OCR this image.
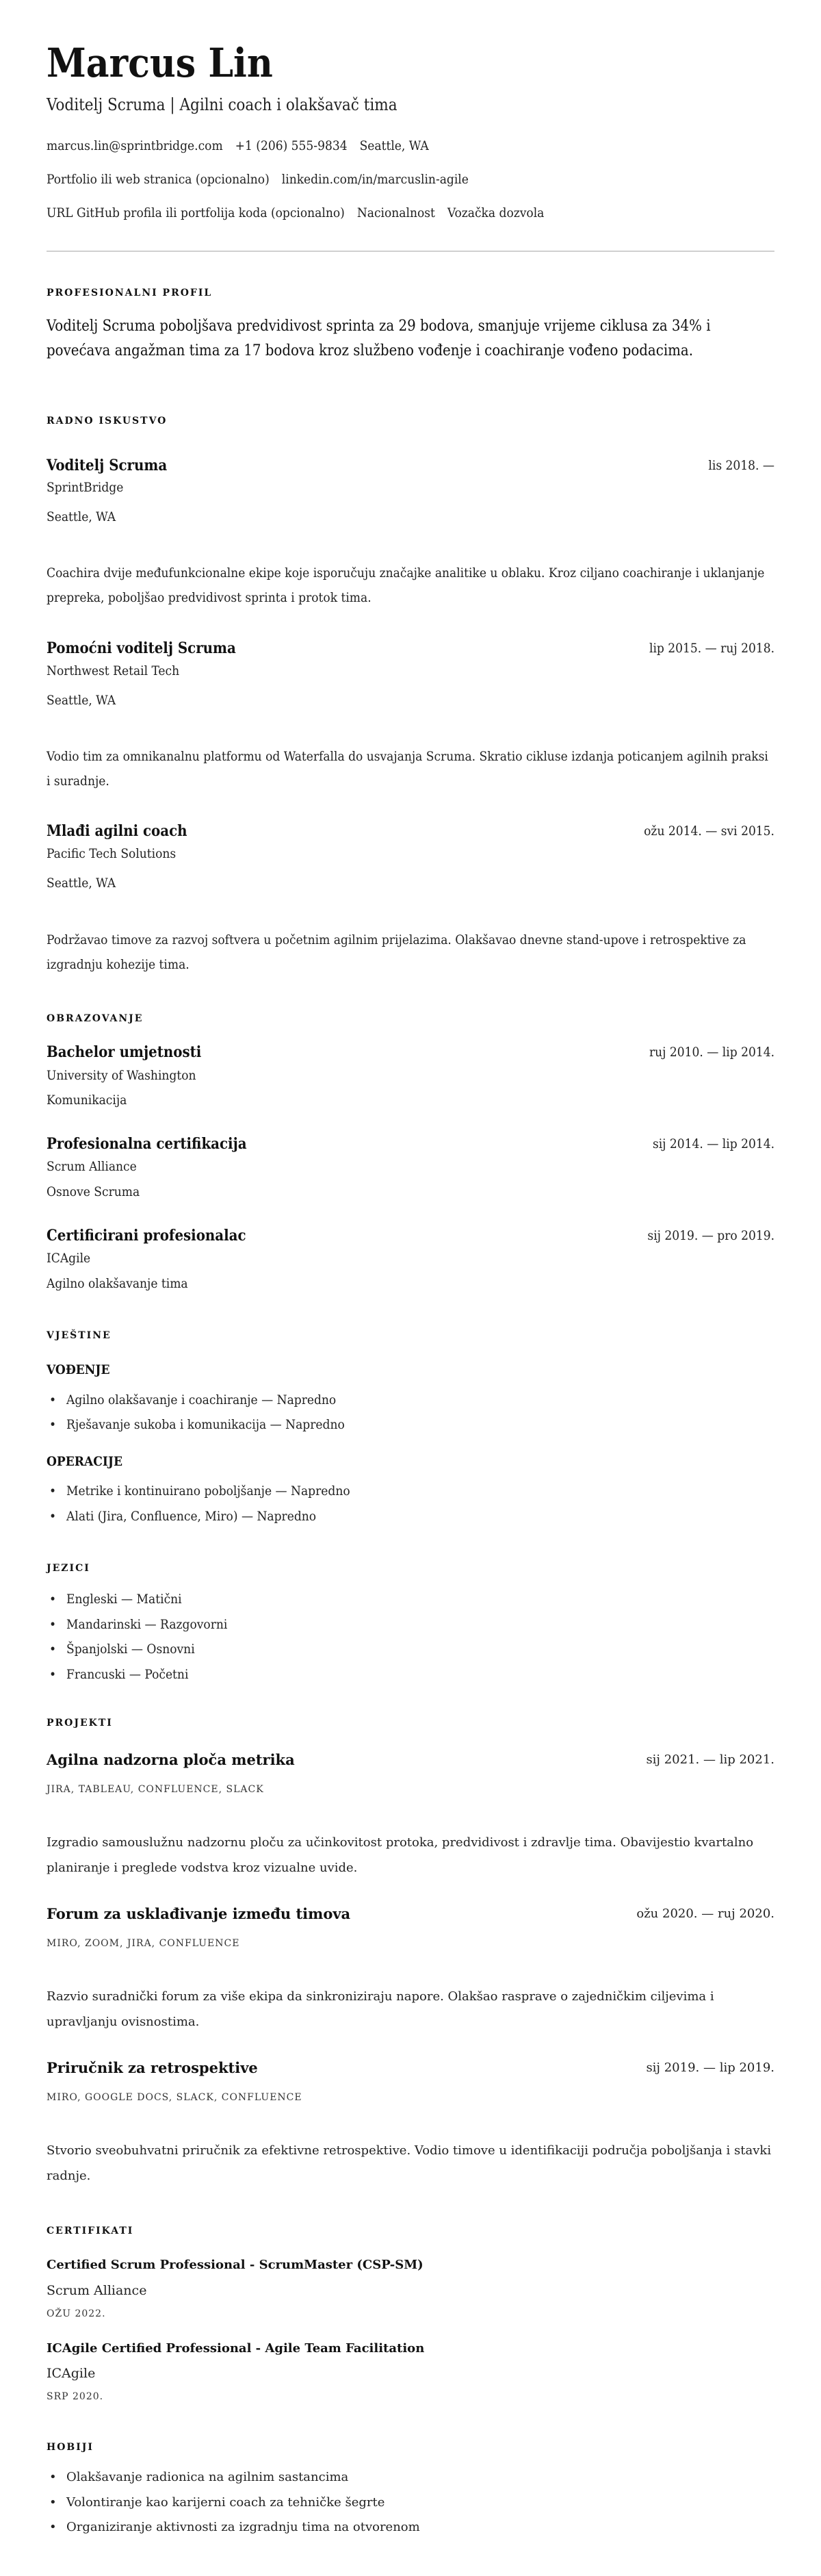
Marcus Lin
Voditelj Scruma | Agilni coach i olakšavač tima
marcus.lin@sprintbridge.com +1 (206) 555-9834 Seattle, WA
Portfolio ili web stranica (opcionalno) linkedin.com/in/marcuslin-agile
URL GitHub profila ili portfolija koda (opcionalno) Nacionalnost Vozačka dozvola
PROFESIONALNI PROFIL
Voditelj Scruma poboljšava predvidivost sprinta za 29 bodova, smanjuje vrijeme ciklusa za 34% i povećava angažman tima za 17 bodova kroz službeno vođenje i coachiranje vođeno podacima.
RADNO ISKUSTVO
Voditelj Scruma	lis 2018. —
SprintBridge
Seattle, WA
Coachira dvije međufunkcionalne ekipe koje isporučuju značajke analitike u oblaku. Kroz ciljano coachiranje i uklanjanje prepreka, poboljšao predvidivost sprinta i protok tima.
Pomoćni voditelj Scruma	lip 2015. — ruj 2018.
Northwest Retail Tech
Seattle, WA
Vodio tim za omnikanalnu platformu od Waterfalla do usvajanja Scruma. Skratio cikluse izdanja poticanjem agilnih praksi i suradnje.
Mlađi agilni coach	ožu 2014. — svi 2015.
Pacific Tech Solutions
Seattle, WA
Podržavao timove za razvoj softvera u početnim agilnim prijelazima. Olakšavao dnevne stand-upove i retrospektive za izgradnju kohezije tima.
OBRAZOVANJE
Bachelor umjetnosti	ruj 2010. — lip 2014.
University of Washington
Komunikacija
Profesionalna certifikacija	sij 2014. — lip 2014.
Scrum Alliance
Osnove Scruma
Certificirani profesionalac	sij 2019. — pro 2019.
ICAgile
Agilno olakšavanje tima
VJEŠTINE
VOĐENJE
• Agilno olakšavanje i coachiranje — Napredno
• Rješavanje sukoba i komunikacija — Napredno
OPERACIJE
• Metrike i kontinuirano poboljšanje — Napredno
• Alati (Jira, Confluence, Miro) — Napredno
JEZICI
• Engleski — Matični
• Mandarinski — Razgovorni
• Španjolski — Osnovni
• Francuski — Početni
PROJEKTI
Agilna nadzorna ploča metrika	sij 2021. — lip 2021.
JIRA, TABLEAU, CONFLUENCE, SLACK
Izgradio samouslužnu nadzornu ploču za učinkovitost protoka, predvidivost i zdravlje tima. Obavijestio kvartalno planiranje i preglede vodstva kroz vizualne uvide.
Forum za usklađivanje između timova	ožu 2020. — ruj 2020.
MIRO, ZOOM, JIRA, CONFLUENCE
Razvio suradnički forum za više ekipa da sinkroniziraju napore. Olakšao rasprave o zajedničkim ciljevima i upravljanju ovisnostima.
Priručnik za retrospektive	sij 2019. — lip 2019.
MIRO, GOOGLE DOCS, SLACK, CONFLUENCE
Stvorio sveobuhvatni priručnik za efektivne retrospektive. Vodio timove u identifikaciji područja poboljšanja i stavki radnje.
CERTIFIKATI
Certified Scrum Professional - ScrumMaster (CSP-SM)
Scrum Alliance
OŽU 2022.
ICAgile Certified Professional - Agile Team Facilitation
ICAgile
SRP 2020.
HOBIJI
• Olakšavanje radionica na agilnim sastancima
• Volontiranje kao karijerni coach za tehničke šegrte
• Organiziranje aktivnosti za izgradnju tima na otvorenom
